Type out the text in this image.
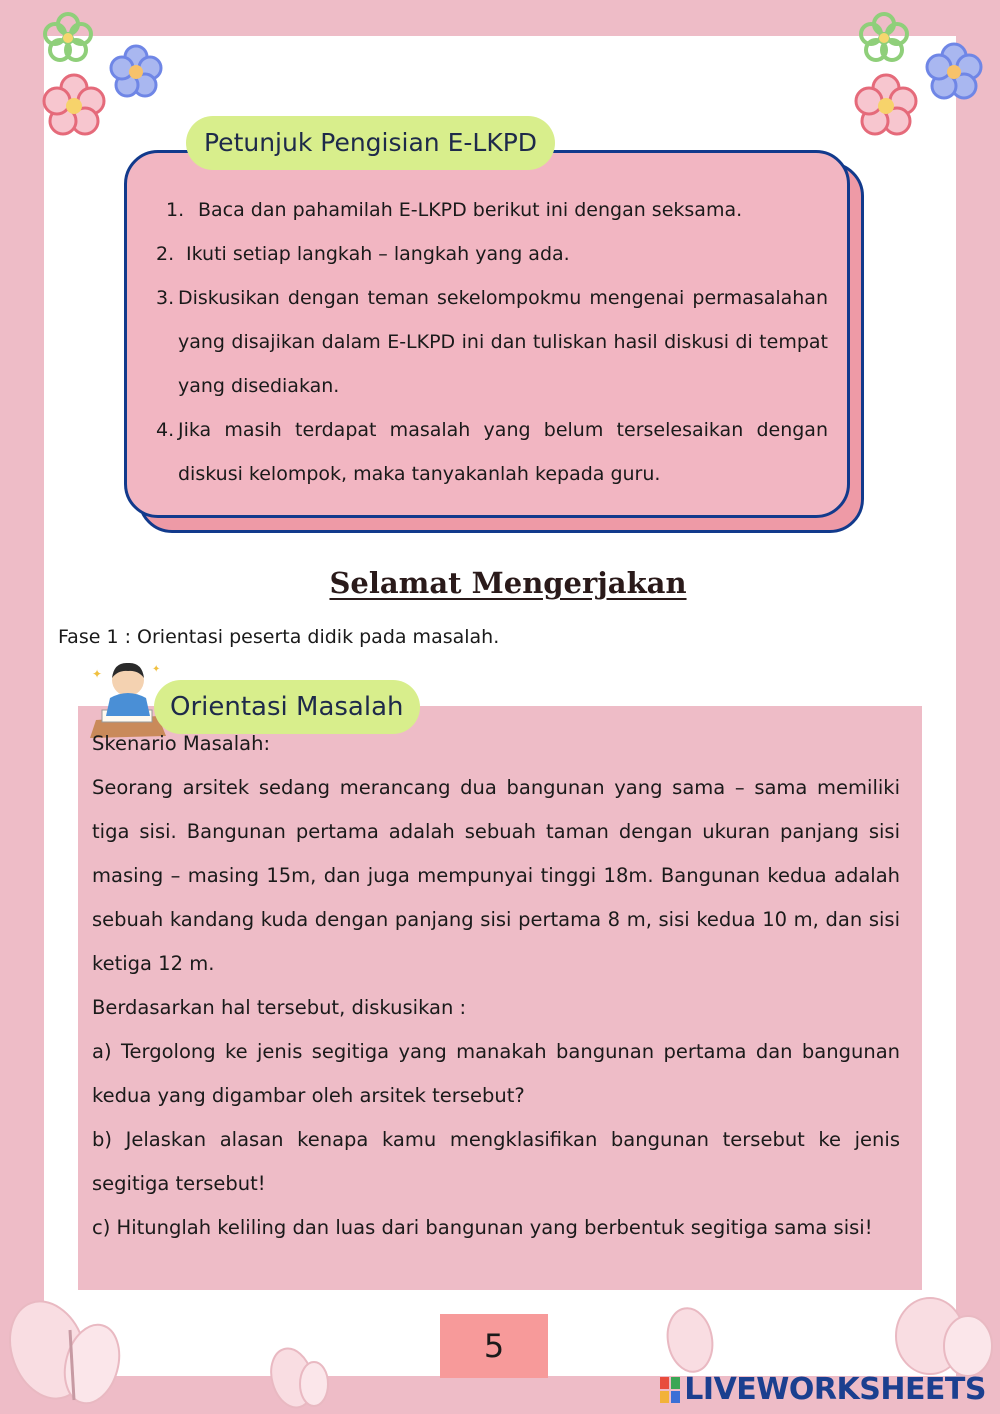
Petunjuk Pengisian E-LKPD
1. Baca dan pahamilah E-LKPD berikut ini dengan seksama.
2. Ikuti setiap langkah – langkah yang ada.
3. Diskusikan dengan teman sekelompokmu mengenai permasalahan yang disajikan dalam E-LKPD ini dan tuliskan hasil diskusi di tempat yang disediakan.
4. Jika masih terdapat masalah yang belum terselesaikan dengan diskusi kelompok, maka tanyakanlah kepada guru.
Selamat Mengerjakan
Fase 1 : Orientasi peserta didik pada masalah.
✦	✦
Orientasi Masalah

Skenario Masalah:

Seorang arsitek sedang merancang dua bangunan yang sama – sama memiliki tiga sisi. Bangunan pertama adalah sebuah taman dengan ukuran panjang sisi masing – masing 15m, dan juga mempunyai tinggi 18m. Bangunan kedua adalah sebuah kandang kuda dengan panjang sisi pertama 8 m, sisi kedua 10 m, dan sisi ketiga 12 m.

Berdasarkan hal tersebut, diskusikan :

a) Tergolong ke jenis segitiga yang manakah bangunan pertama dan bangunan kedua yang digambar oleh arsitek tersebut?

b) Jelaskan alasan kenapa kamu mengklasifikan bangunan tersebut ke jenis segitiga tersebut!

c) Hitunglah keliling dan luas dari bangunan yang berbentuk segitiga sama sisi!

5
LIVEWORKSHEETS
